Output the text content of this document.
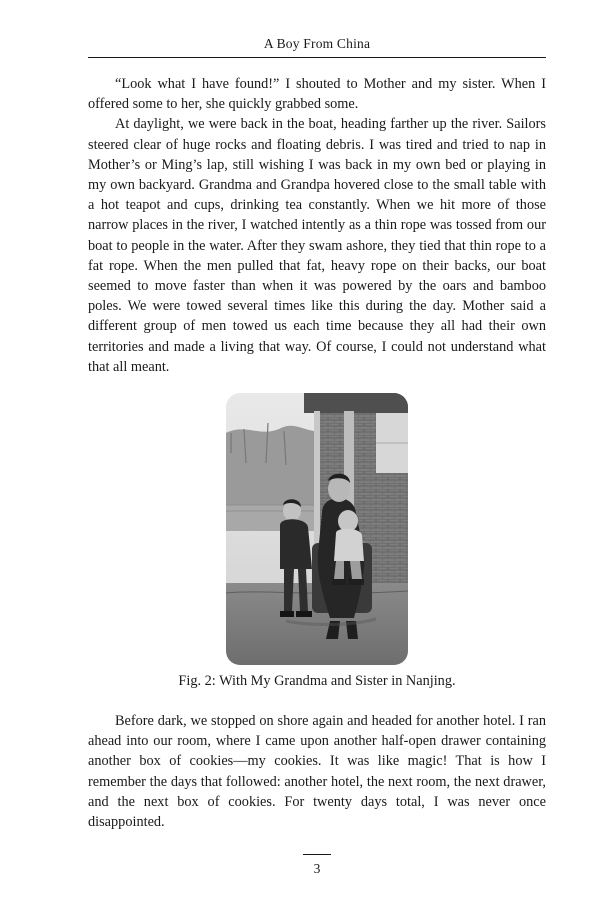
A Boy From China

“Look what I have found!” I shouted to Mother and my sister. When I offered some to her, she quickly grabbed some.

At daylight, we were back in the boat, heading farther up the river. Sailors steered clear of huge rocks and floating debris. I was tired and tried to nap in Mother’s or Ming’s lap, still wishing I was back in my own bed or playing in my own backyard. Grandma and Grandpa hovered close to the small table with a hot teapot and cups, drinking tea constantly. When we hit more of those narrow places in the river, I watched intently as a thin rope was tossed from our boat to people in the water. After they swam ashore, they tied that thin rope to a fat rope. When the men pulled that fat, heavy rope on their backs, our boat seemed to move faster than when it was powered by the oars and bamboo poles. We were towed several times like this during the day. Mother said a different group of men towed us each time because they all had their own territories and made a living that way. Of course, I could not understand what that all meant.

Fig. 2: With My Grandma and Sister in Nanjing.

Before dark, we stopped on shore again and headed for another hotel. I ran ahead into our room, where I came upon another half-open drawer containing another box of cookies—my cookies. It was like magic! That is how I remember the days that followed: another hotel, the next room, the next drawer, and the next box of cookies. For twenty days total, I was never once disappointed.

3
